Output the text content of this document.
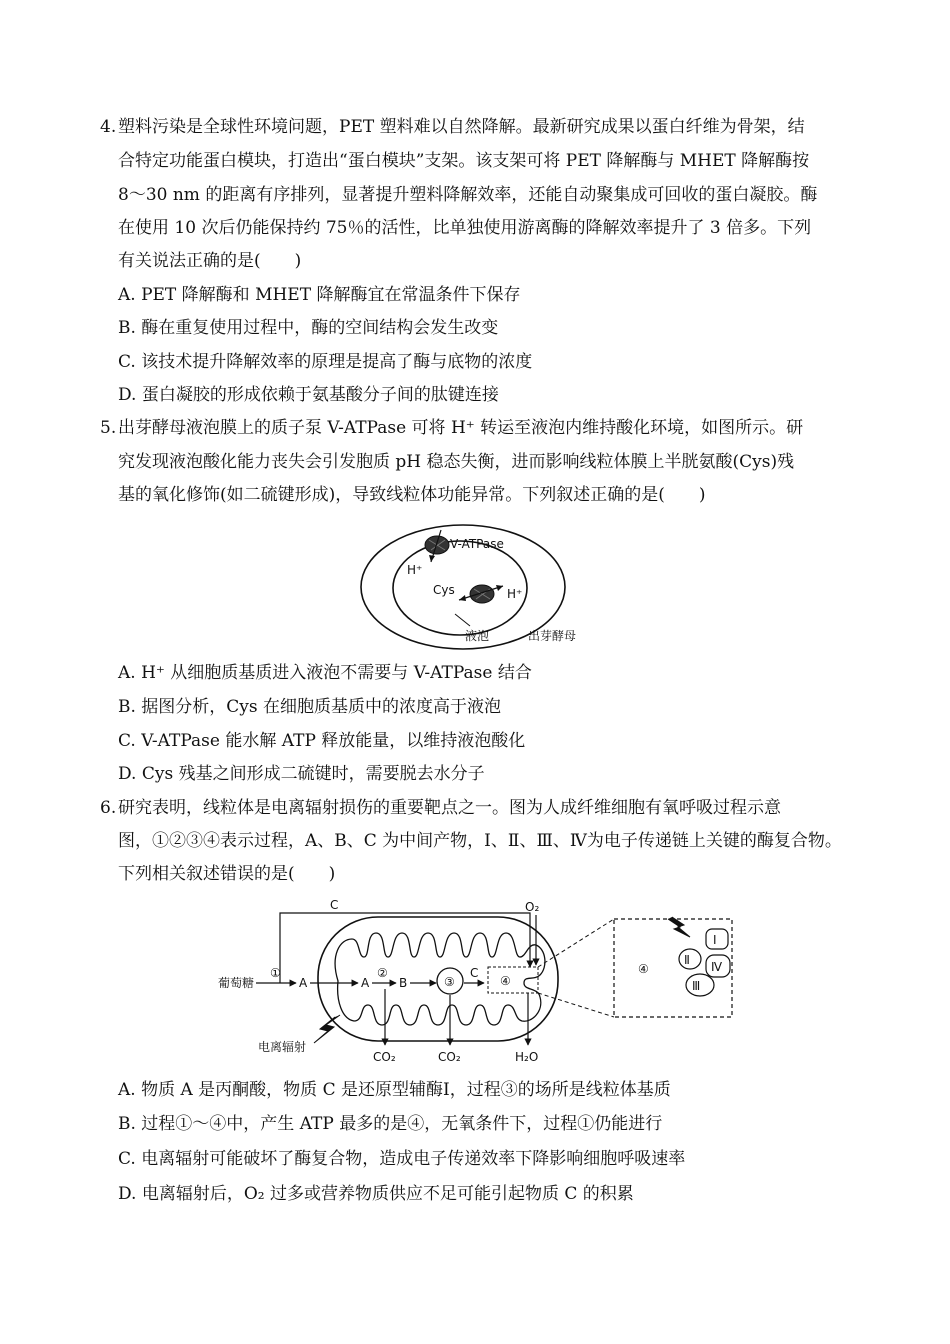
4. 塑料污染是全球性环境问题，PET 塑料难以自然降解。最新研究成果以蛋白纤维为骨架，结
合特定功能蛋白模块，打造出“蛋白模块”支架。该支架可将 PET 降解酶与 MHET 降解酶按
8～30 nm 的距离有序排列，显著提升塑料降解效率，还能自动聚集成可回收的蛋白凝胶。酶
在使用 10 次后仍能保持约 75％的活性，比单独使用游离酶的降解效率提升了 3 倍多。下列
有关说法正确的是(　　)
A. PET 降解酶和 MHET 降解酶宜在常温条件下保存
B. 酶在重复使用过程中，酶的空间结构会发生改变
C. 该技术提升降解效率的原理是提高了酶与底物的浓度
D. 蛋白凝胶的形成依赖于氨基酸分子间的肽键连接
5. 出芽酵母液泡膜上的质子泵 V-ATPase 可将 H⁺ 转运至液泡内维持酸化环境，如图所示。研
究发现液泡酸化能力丧失会引发胞质 pH 稳态失衡，进而影响线粒体膜上半胱氨酸(Cys)残
基的氧化修饰(如二硫键形成)，导致线粒体功能异常。下列叙述正确的是(　　)
V-ATPase
H⁺
Cys	H⁺
液泡	出芽酵母
A. H⁺ 从细胞质基质进入液泡不需要与 V-ATPase 结合
B. 据图分析，Cys 在细胞质基质中的浓度高于液泡
C. V-ATPase 能水解 ATP 释放能量，以维持液泡酸化
D. Cys 残基之间形成二硫键时，需要脱去水分子
6. 研究表明，线粒体是电离辐射损伤的重要靶点之一。图为人成纤维细胞有氧呼吸过程示意
图，①②③④表示过程，A、B、C 为中间产物，Ⅰ、Ⅱ、Ⅲ、Ⅳ为电子传递链上关键的酶复合物。
下列相关叙述错误的是(　　)
葡萄糖
①
A	A
②
B	③
C
④
C	O₂
CO₂	CO₂	H₂O
电离辐射
④
Ⅰ
Ⅱ Ⅳ
Ⅲ
A. 物质 A 是丙酮酸，物质 C 是还原型辅酶Ⅰ，过程③的场所是线粒体基质
B. 过程①～④中，产生 ATP 最多的是④，无氧条件下，过程①仍能进行
C. 电离辐射可能破坏了酶复合物，造成电子传递效率下降影响细胞呼吸速率
D. 电离辐射后，O₂ 过多或营养物质供应不足可能引起物质 C 的积累
